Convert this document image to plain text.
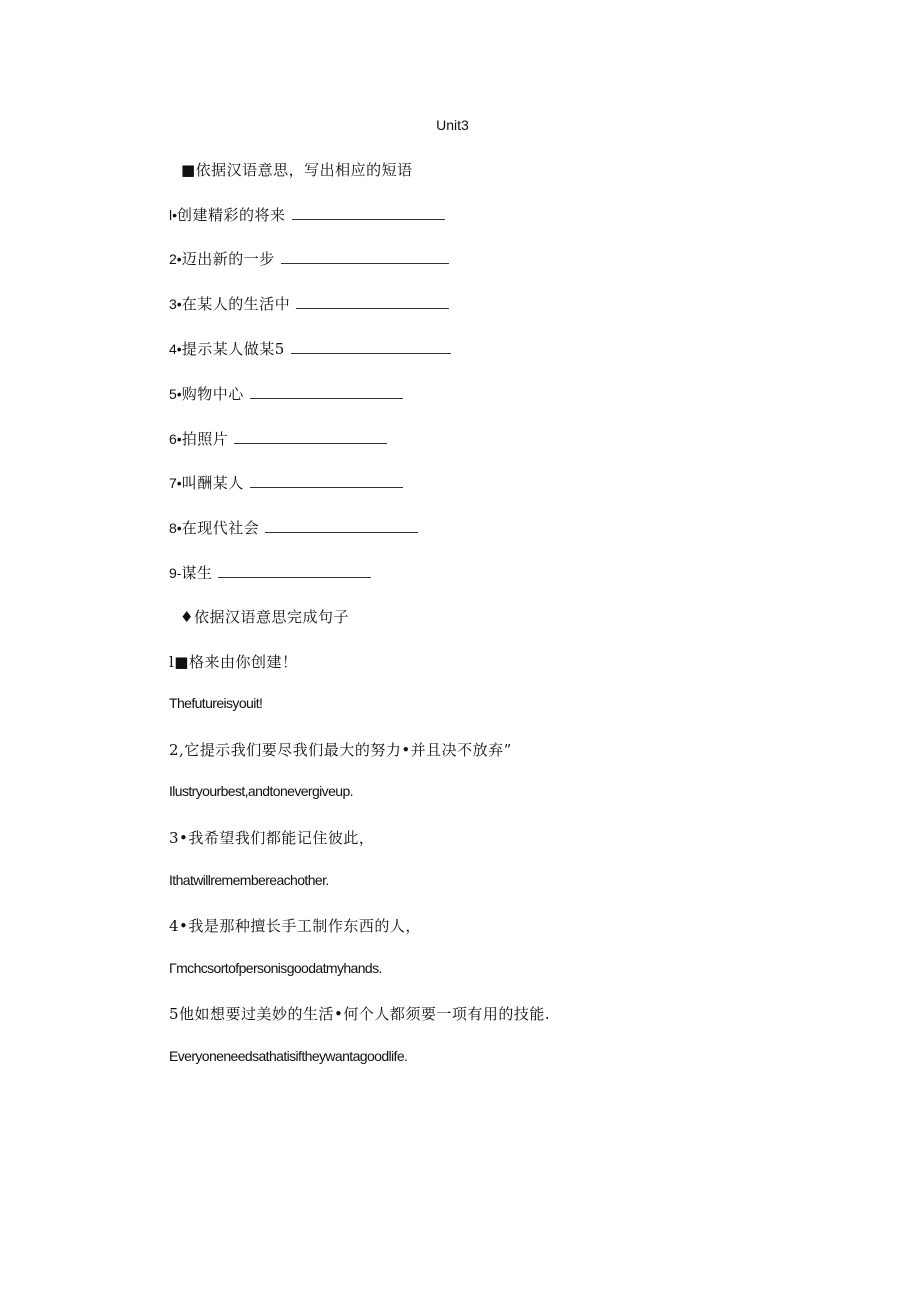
Unit3
■依据汉语意思，写出相应的短语
l•创建精彩的将来
2•迈出新的一步
3•在某人的生活中
4•提示某人做某5
5•购物中心
6•拍照片
7•叫酬某人
8•在现代社会
9-谋生
♦依据汉语意思完成句子
l■格来由你创建！
Thefutureisyouit!
2,它提示我们要尽我们最大的努力•并且决不放弃”
Ilustryourbest,andtonevergiveup.
3•我希望我们都能记住彼此，
Ithatwillremembereachother.
4•我是那种擅长手工制作东西的人，
Γmchcsortofpersonisgoodatmyhands.
5他如想要过美妙的生活•何个人都须要一项有用的技能.
Everyoneneedsathatisiftheywantagoodlife.
